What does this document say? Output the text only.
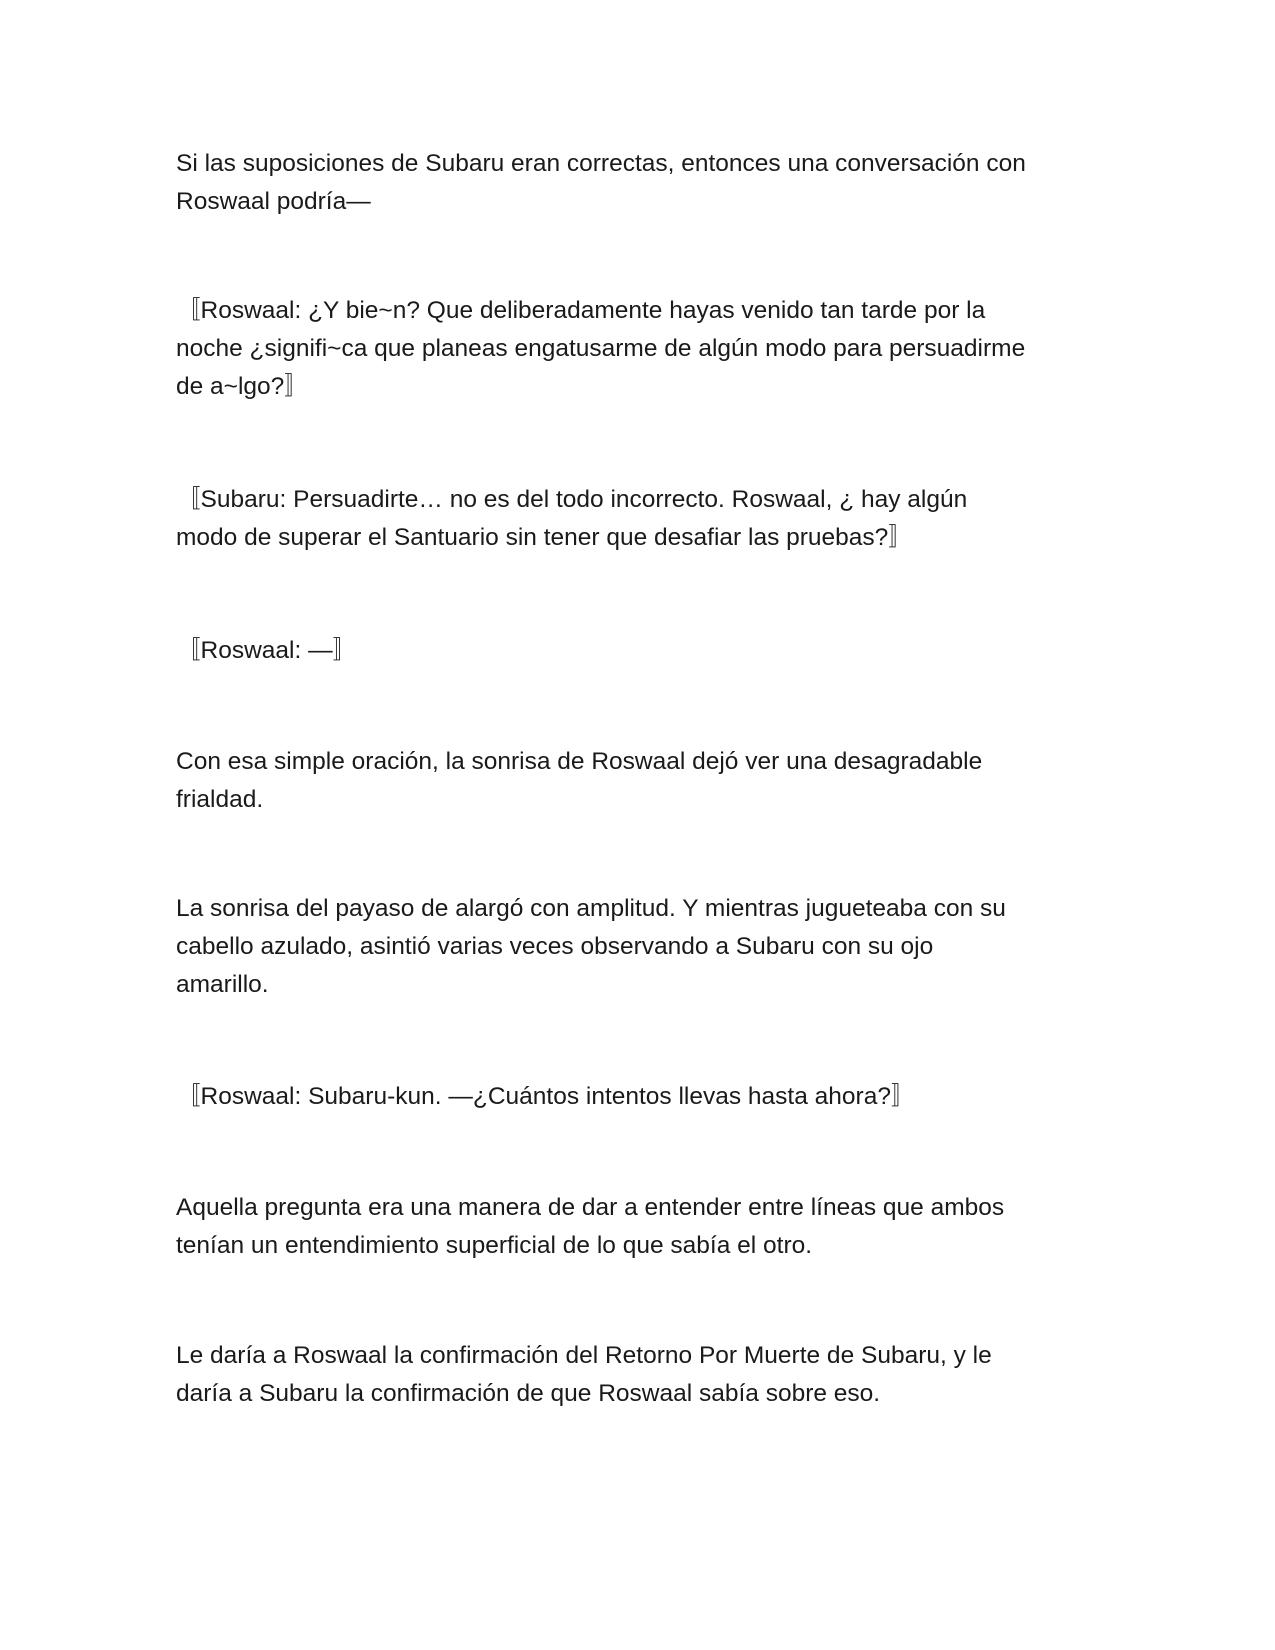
Si las suposiciones de Subaru eran correctas, entonces una conversación con
Roswaal podría—

〚Roswaal: ¿Y bie~n? Que deliberadamente hayas venido tan tarde por la
noche ¿signifi~ca que planeas engatusarme de algún modo para persuadirme
de a~lgo?〛

〚Subaru: Persuadirte… no es del todo incorrecto. Roswaal, ¿ hay algún
modo de superar el Santuario sin tener que desafiar las pruebas?〛

〚Roswaal: —〛

Con esa simple oración, la sonrisa de Roswaal dejó ver una desagradable
frialdad.

La sonrisa del payaso de alargó con amplitud. Y mientras jugueteaba con su
cabello azulado, asintió varias veces observando a Subaru con su ojo
amarillo.

〚Roswaal: Subaru-kun. —¿Cuántos intentos llevas hasta ahora?〛

Aquella pregunta era una manera de dar a entender entre líneas que ambos
tenían un entendimiento superficial de lo que sabía el otro.

Le daría a Roswaal la confirmación del Retorno Por Muerte de Subaru, y le
daría a Subaru la confirmación de que Roswaal sabía sobre eso.
